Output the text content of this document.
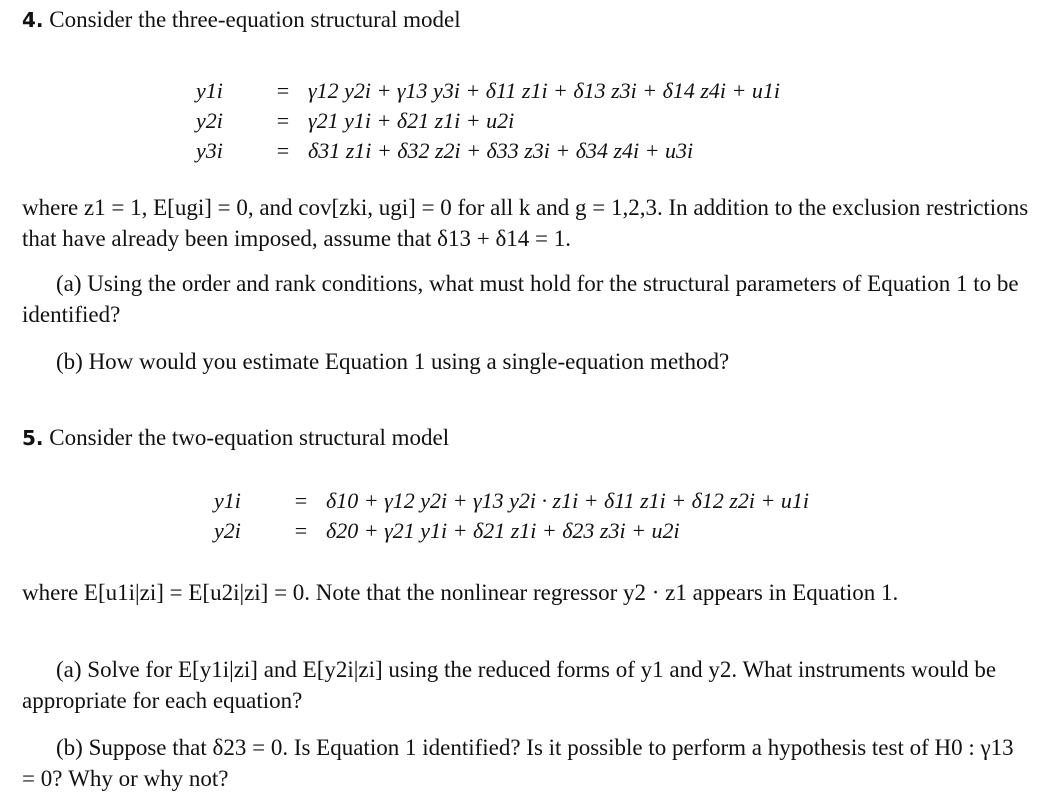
4. Consider the three-equation structural model
y1i = γ12 y2i + γ13 y3i + δ11 z1i + δ13 z3i + δ14 z4i + u1i
y2i = γ21 y1i + δ21 z1i + u2i
y3i = δ31 z1i + δ32 z2i + δ33 z3i + δ34 z4i + u3i
where z1 = 1, E[ugi] = 0, and cov[zki, ugi] = 0 for all k and g = 1,2,3. In addition to the exclusion restrictions that have already been imposed, assume that δ13 + δ14 = 1.
(a) Using the order and rank conditions, what must hold for the structural parameters of Equation 1 to be identified?
(b) How would you estimate Equation 1 using a single-equation method?
5. Consider the two-equation structural model
y1i = δ10 + γ12 y2i + γ13 y2i · z1i + δ11 z1i + δ12 z2i + u1i
y2i = δ20 + γ21 y1i + δ21 z1i + δ23 z3i + u2i
where E[u1i|zi] = E[u2i|zi] = 0. Note that the nonlinear regressor y2 · z1 appears in Equation 1.
(a) Solve for E[y1i|zi] and E[y2i|zi] using the reduced forms of y1 and y2. What instruments would be appropriate for each equation?
(b) Suppose that δ23 = 0. Is Equation 1 identified? Is it possible to perform a hypothesis test of H0 : γ13 = 0? Why or why not?
